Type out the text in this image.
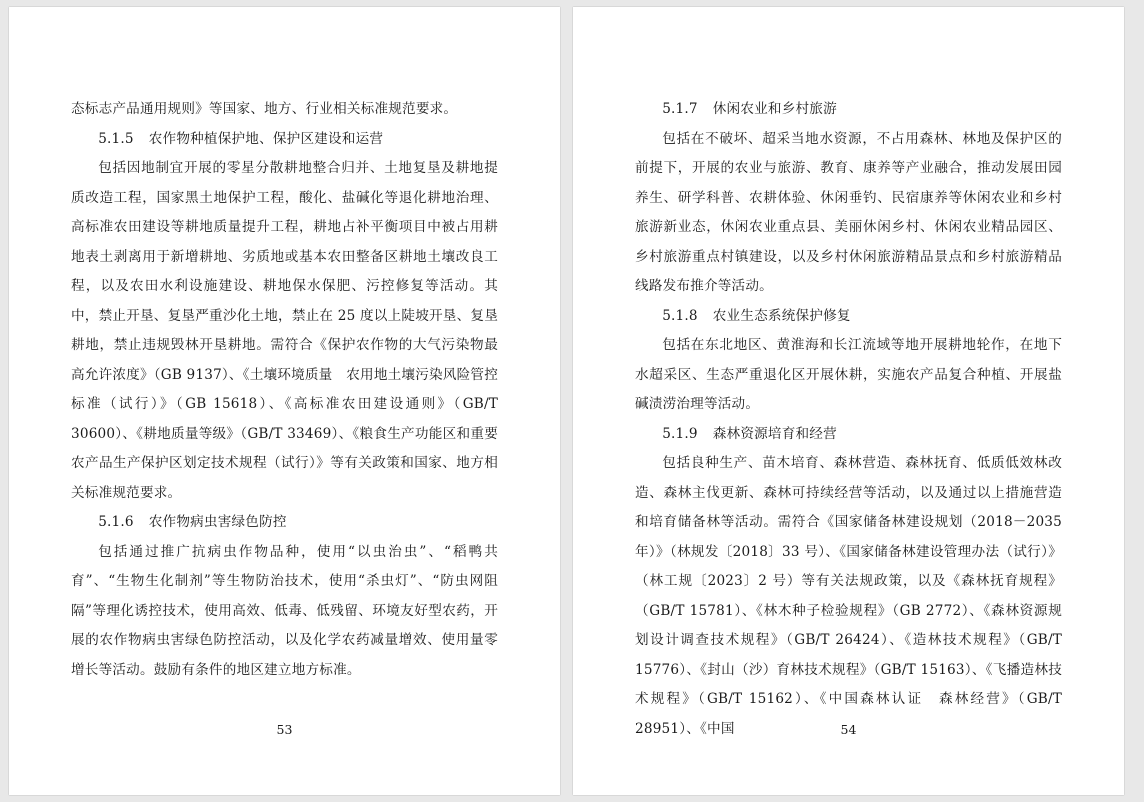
态标志产品通用规则》等国家、地方、行业相关标准规范要求。

5.1.5 农作物种植保护地、保护区建设和运营

包括因地制宜开展的零星分散耕地整合归并、土地复垦及耕地提质改造工程，国家黑土地保护工程，酸化、盐碱化等退化耕地治理、高标准农田建设等耕地质量提升工程，耕地占补平衡项目中被占用耕地表土剥离用于新增耕地、劣质地或基本农田整备区耕地土壤改良工程，以及农田水利设施建设、耕地保水保肥、污控修复等活动。其中，禁止开垦、复垦严重沙化土地，禁止在 25 度以上陡坡开垦、复垦耕地，禁止违规毁林开垦耕地。需符合《保护农作物的大气污染物最高允许浓度》（GB 9137）、《土壤环境质量　农用地土壤污染风险管控标准（试行）》（GB 15618）、《高标准农田建设通则》（GB/T 30600）、《耕地质量等级》（GB/T 33469）、《粮食生产功能区和重要农产品生产保护区划定技术规程（试行）》等有关政策和国家、地方相关标准规范要求。

5.1.6 农作物病虫害绿色防控

包括通过推广抗病虫作物品种，使用“以虫治虫”、“稻鸭共育”、“生物生化制剂”等生物防治技术，使用“杀虫灯”、“防虫网阻隔”等理化诱控技术，使用高效、低毒、低残留、环境友好型农药，开展的农作物病虫害绿色防控活动，以及化学农药减量增效、使用量零增长等活动。鼓励有条件的地区建立地方标准。

53

5.1.7 休闲农业和乡村旅游

包括在不破坏、超采当地水资源，不占用森林、林地及保护区的前提下，开展的农业与旅游、教育、康养等产业融合，推动发展田园养生、研学科普、农耕体验、休闲垂钓、民宿康养等休闲农业和乡村旅游新业态，休闲农业重点县、美丽休闲乡村、休闲农业精品园区、乡村旅游重点村镇建设，以及乡村休闲旅游精品景点和乡村旅游精品线路发布推介等活动。

5.1.8 农业生态系统保护修复

包括在东北地区、黄淮海和长江流域等地开展耕地轮作，在地下水超采区、生态严重退化区开展休耕，实施农产品复合种植、开展盐碱渍涝治理等活动。

5.1.9 森林资源培育和经营

包括良种生产、苗木培育、森林营造、森林抚育、低质低效林改造、森林主伐更新、森林可持续经营等活动，以及通过以上措施营造和培育储备林等活动。需符合《国家储备林建设规划（2018－2035 年）》（林规发〔2018〕33 号）、《国家储备林建设管理办法（试行）》（林工规〔2023〕2 号）等有关法规政策，以及《森林抚育规程》（GB/T 15781）、《林木种子检验规程》（GB 2772）、《森林资源规划设计调查技术规程》（GB/T 26424）、《造林技术规程》（GB/T 15776）、《封山（沙）育林技术规程》（GB/T 15163）、《飞播造林技术规程》（GB/T 15162）、《中国森林认证　森林经营》（GB/T 28951）、《中国	54
